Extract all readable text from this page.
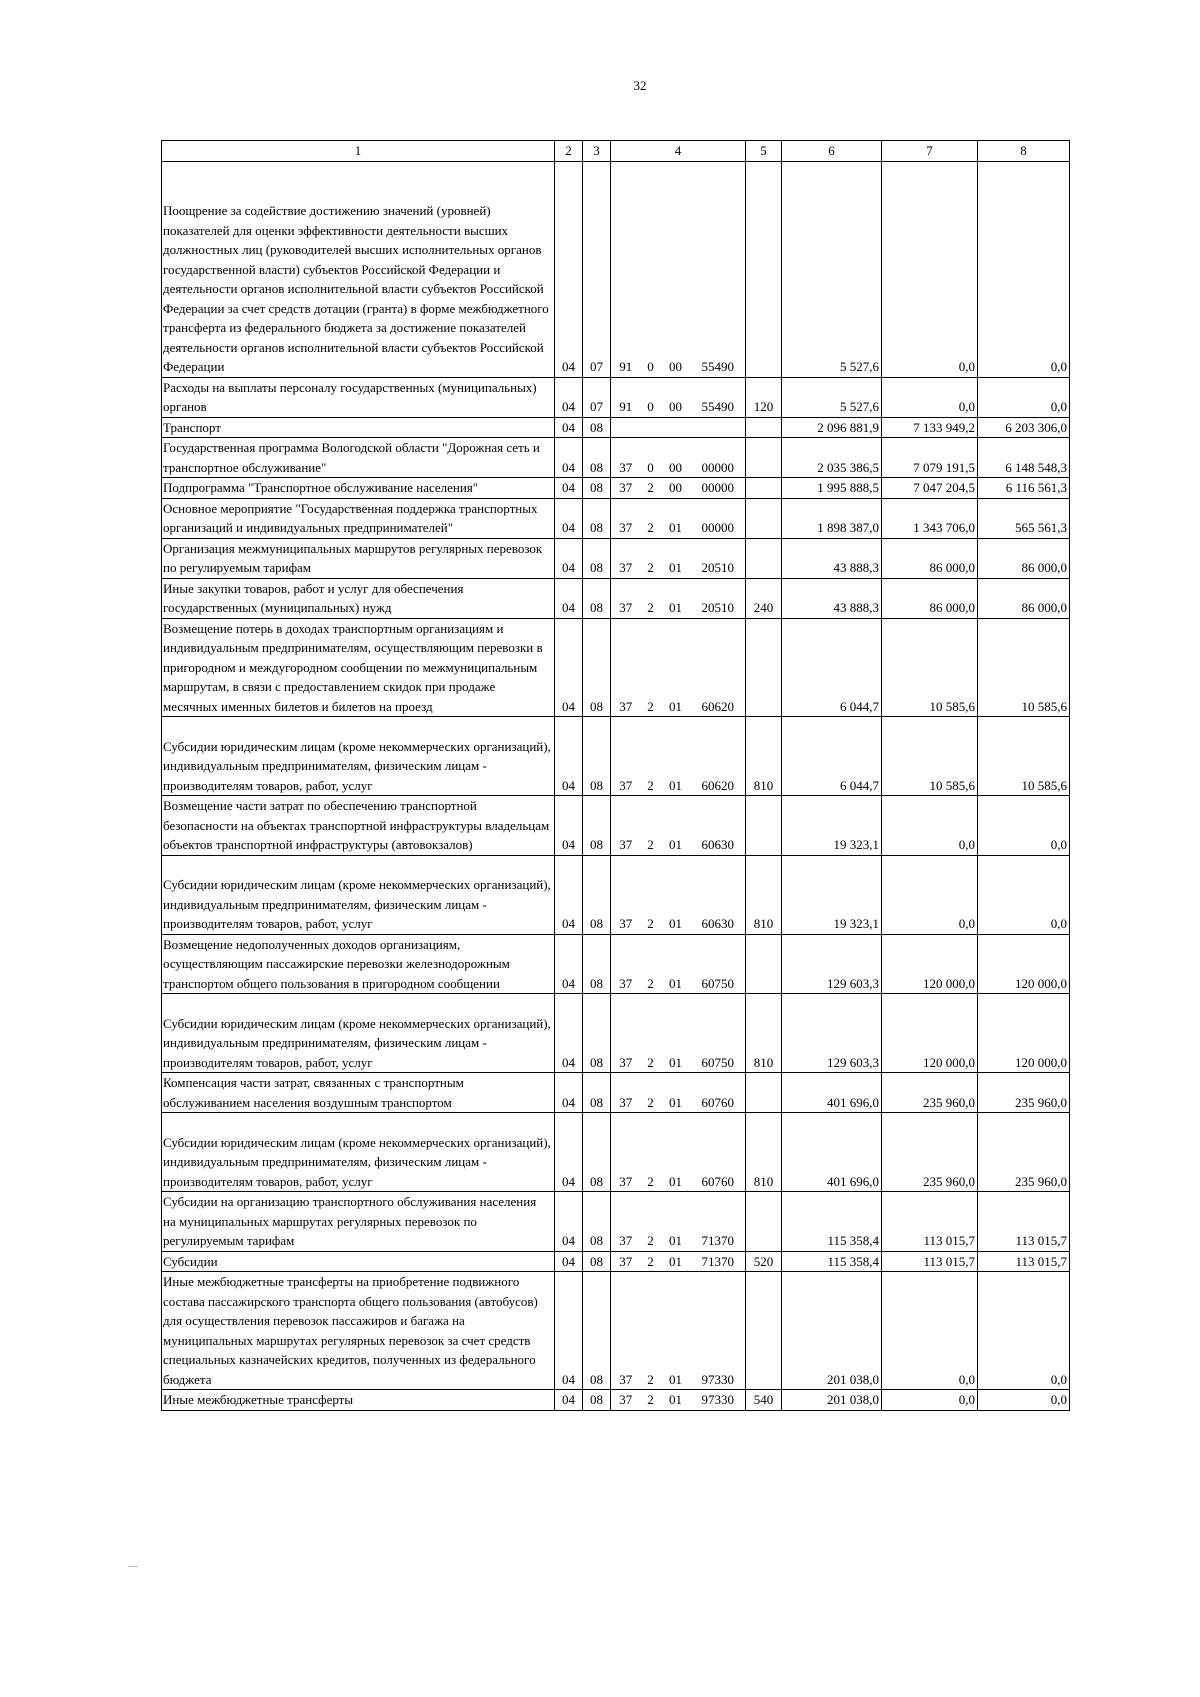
32
1	2	3	4				5	6	7	8
Поощрение за содействие достижению значений (уровней) показателей для оценки эффективности деятельности высших должностных лиц (руководителей высших исполнительных органов государственной власти) субъектов Российской Федерации и деятельности органов исполнительной власти субъектов Российской Федерации за счет средств дотации (гранта) в форме межбюджетного трансферта из федерального бюджета за достижение показателей деятельности органов исполнительной власти субъектов Российской Федерации	04	07	91	0	00	55490		5 527,6	0,0	0,0
Расходы на выплаты персоналу государственных (муниципальных) органов	04	07	91	0	00	55490	120	5 527,6	0,0	0,0
Транспорт	04	08						2 096 881,9	7 133 949,2	6 203 306,0
Государственная программа Вологодской области "Дорожная сеть и транспортное обслуживание"	04	08	37	0	00	00000		2 035 386,5	7 079 191,5	6 148 548,3
Подпрограмма "Транспортное обслуживание населения"	04	08	37	2	00	00000		1 995 888,5	7 047 204,5	6 116 561,3
Основное мероприятие "Государственная поддержка транспортных организаций и индивидуальных предпринимателей"	04	08	37	2	01	00000		1 898 387,0	1 343 706,0	565 561,3
Организация межмуниципальных маршрутов регулярных перевозок по регулируемым тарифам	04	08	37	2	01	20510		43 888,3	86 000,0	86 000,0
Иные закупки товаров, работ и услуг для обеспечения государственных (муниципальных) нужд	04	08	37	2	01	20510	240	43 888,3	86 000,0	86 000,0
Возмещение потерь в доходах транспортным организациям и индивидуальным предпринимателям, осуществляющим перевозки в пригородном и междугородном сообщении по межмуниципальным маршрутам, в связи с предоставлением скидок при продаже месячных именных билетов и билетов на проезд	04	08	37	2	01	60620		6 044,7	10 585,6	10 585,6
Субсидии юридическим лицам (кроме некоммерческих организаций), индивидуальным предпринимателям, физическим лицам - производителям товаров, работ, услуг	04	08	37	2	01	60620	810	6 044,7	10 585,6	10 585,6
Возмещение части затрат по обеспечению транспортной безопасности на объектах транспортной инфраструктуры владельцам объектов транспортной инфраструктуры (автовокзалов)	04	08	37	2	01	60630		19 323,1	0,0	0,0
Субсидии юридическим лицам (кроме некоммерческих организаций), индивидуальным предпринимателям, физическим лицам - производителям товаров, работ, услуг	04	08	37	2	01	60630	810	19 323,1	0,0	0,0
Возмещение недополученных доходов организациям, осуществляющим пассажирские перевозки железнодорожным транспортом общего пользования в пригородном сообщении	04	08	37	2	01	60750		129 603,3	120 000,0	120 000,0
Субсидии юридическим лицам (кроме некоммерческих организаций), индивидуальным предпринимателям, физическим лицам - производителям товаров, работ, услуг	04	08	37	2	01	60750	810	129 603,3	120 000,0	120 000,0
Компенсация части затрат, связанных с транспортным обслуживанием населения воздушным транспортом	04	08	37	2	01	60760		401 696,0	235 960,0	235 960,0
Субсидии юридическим лицам (кроме некоммерческих организаций), индивидуальным предпринимателям, физическим лицам - производителям товаров, работ, услуг	04	08	37	2	01	60760	810	401 696,0	235 960,0	235 960,0
Субсидии на организацию транспортного обслуживания населения на муниципальных маршрутах регулярных перевозок по регулируемым тарифам	04	08	37	2	01	71370		115 358,4	113 015,7	113 015,7
Субсидии	04	08	37	2	01	71370	520	115 358,4	113 015,7	113 015,7
Иные межбюджетные трансферты на приобретение подвижного состава пассажирского транспорта общего пользования (автобусов) для осуществления перевозок пассажиров и багажа на муниципальных маршрутах регулярных перевозок за счет средств специальных казначейских кредитов, полученных из федерального бюджета	04	08	37	2	01	97330		201 038,0	0,0	0,0
Иные межбюджетные трансферты	04	08	37	2	01	97330	540	201 038,0	0,0	0,0
